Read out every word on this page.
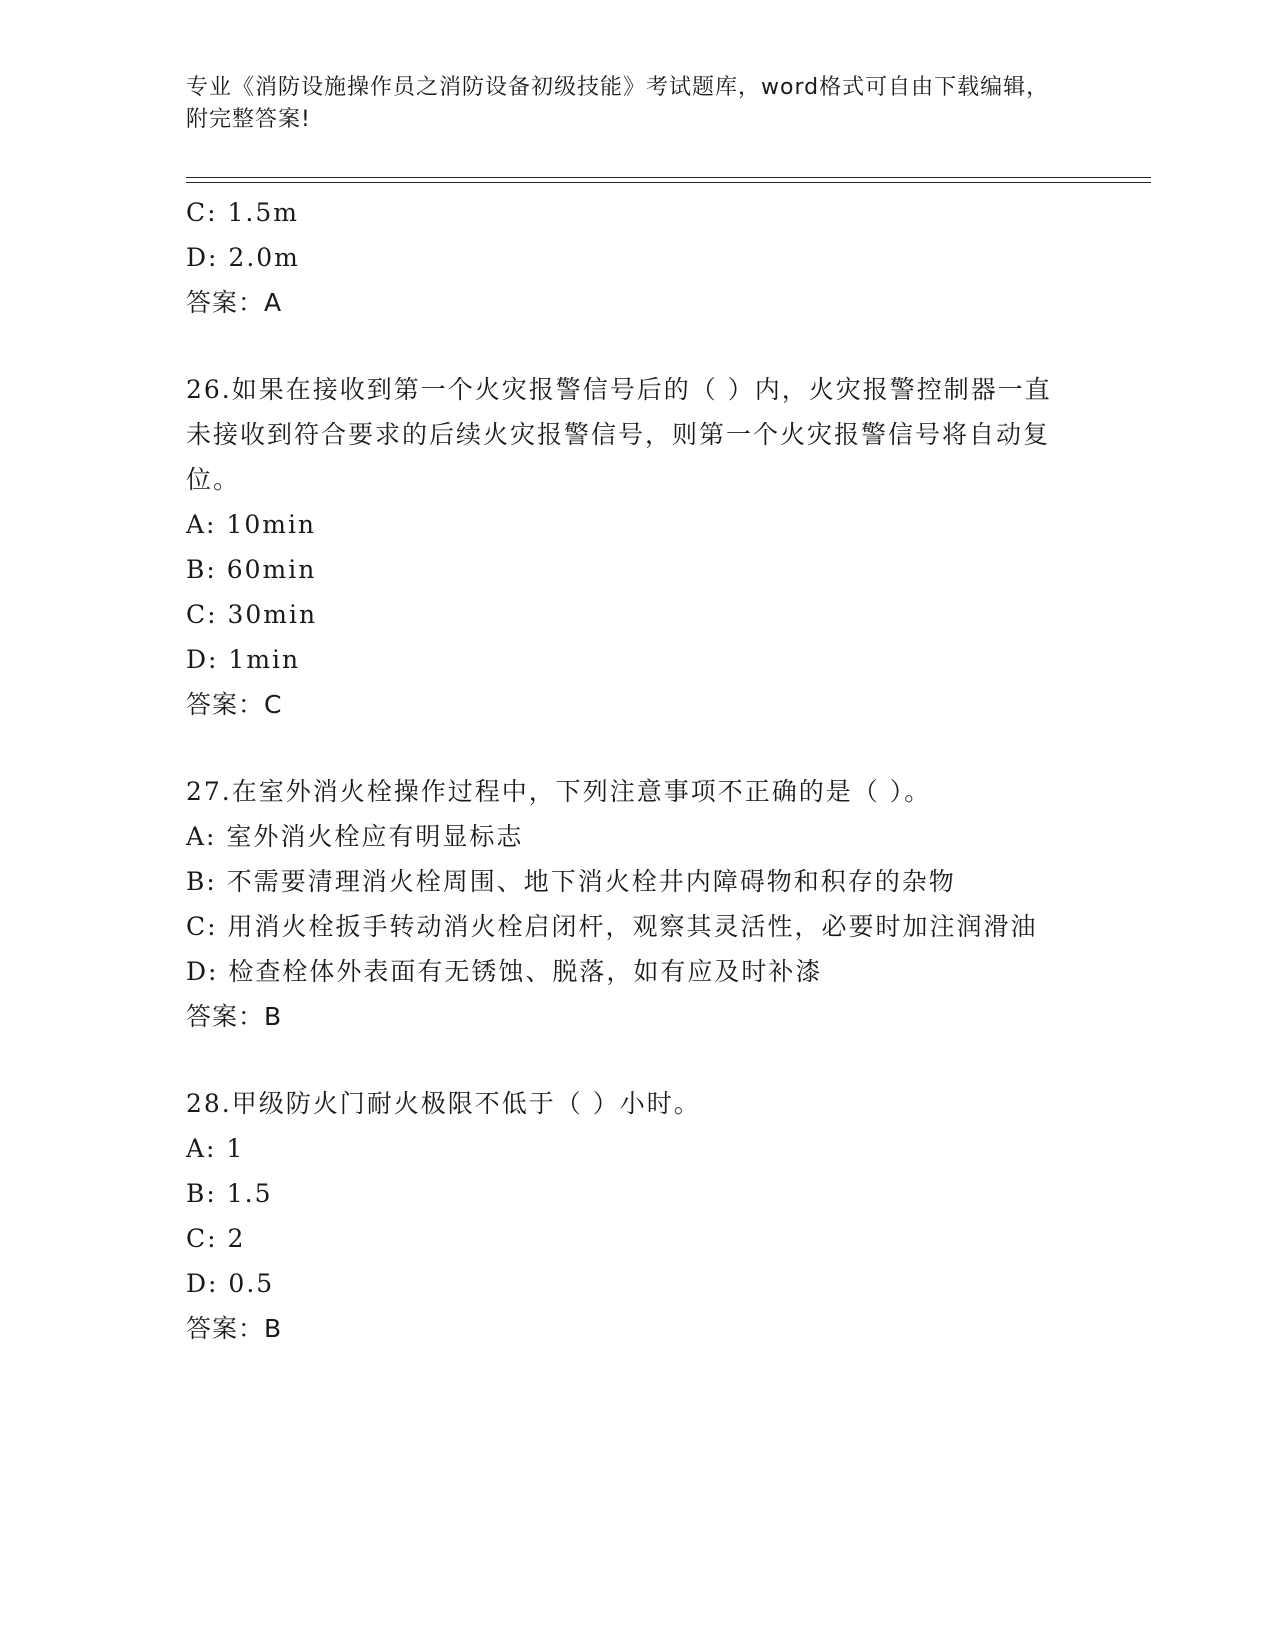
专业《消防设施操作员之消防设备初级技能》考试题库，word格式可自由下载编辑，附完整答案!
C: 1.5m
D: 2.0m
答案：A
26.如果在接收到第一个火灾报警信号后的（ ）内，火灾报警控制器一直未接收到符合要求的后续火灾报警信号，则第一个火灾报警信号将自动复位。
A: 10min
B: 60min
C: 30min
D: 1min
答案：C
27.在室外消火栓操作过程中，下列注意事项不正确的是（ ）。
A: 室外消火栓应有明显标志
B: 不需要清理消火栓周围、地下消火栓井内障碍物和积存的杂物
C: 用消火栓扳手转动消火栓启闭杆，观察其灵活性，必要时加注润滑油
D: 检查栓体外表面有无锈蚀、脱落，如有应及时补漆
答案：B
28.甲级防火门耐火极限不低于（ ）小时。
A: 1
B: 1.5
C: 2
D: 0.5
答案：B
